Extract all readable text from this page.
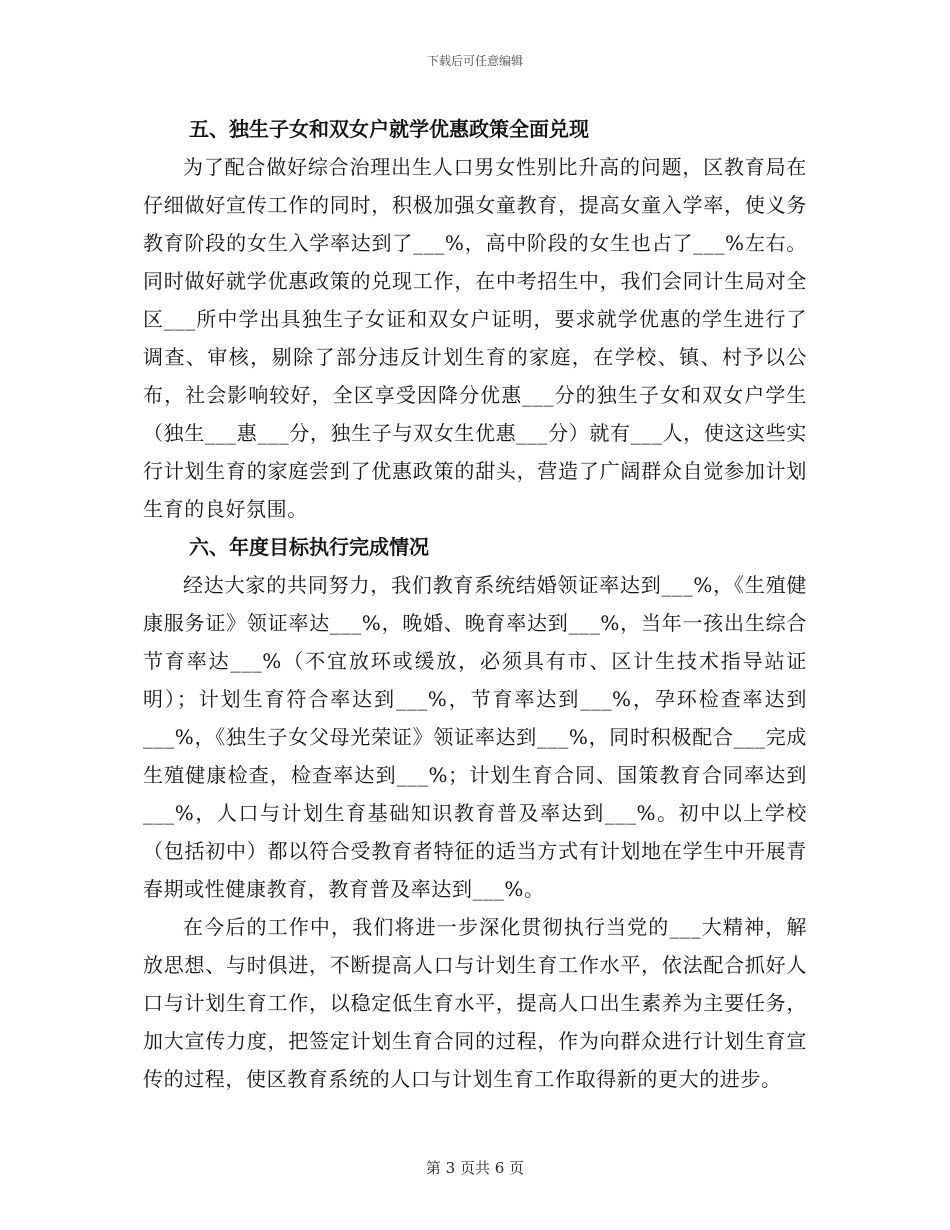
下载后可任意编辑
五、独生子女和双女户就学优惠政策全面兑现

为了配合做好综合治理出生人口男女性别比升高的问题，区教育局在仔细做好宣传工作的同时，积极加强女童教育，提高女童入学率，使义务教育阶段的女生入学率达到了___%，高中阶段的女生也占了___%左右。同时做好就学优惠政策的兑现工作，在中考招生中，我们会同计生局对全区___所中学出具独生子女证和双女户证明，要求就学优惠的学生进行了调查、审核，剔除了部分违反计划生育的家庭，在学校、镇、村予以公布，社会影响较好，全区享受因降分优惠___分的独生子女和双女户学生（独生___惠___分，独生子与双女生优惠___分）就有___人，使这这些实行计划生育的家庭尝到了优惠政策的甜头，营造了广阔群众自觉参加计划生育的良好氛围。

六、年度目标执行完成情况

经达大家的共同努力，我们教育系统结婚领证率达到___%，《生殖健康服务证》领证率达___%，晚婚、晚育率达到___%，当年一孩出生综合节育率达___%（不宜放环或缓放，必须具有市、区计生技术指导站证明）；计划生育符合率达到___%，节育率达到___%，孕环检查率达到___%，《独生子女父母光荣证》领证率达到___%，同时积极配合___完成生殖健康检查，检查率达到___%；计划生育合同、国策教育合同率达到___%，人口与计划生育基础知识教育普及率达到___%。初中以上学校（包括初中）都以符合受教育者特征的适当方式有计划地在学生中开展青春期或性健康教育，教育普及率达到___%。

在今后的工作中，我们将进一步深化贯彻执行当党的___大精神，解放思想、与时俱进，不断提高人口与计划生育工作水平，依法配合抓好人口与计划生育工作，以稳定低生育水平，提高人口出生素养为主要任务，加大宣传力度，把签定计划生育合同的过程，作为向群众进行计划生育宣传的过程，使区教育系统的人口与计划生育工作取得新的更大的进步。

第 3 页共 6 页
